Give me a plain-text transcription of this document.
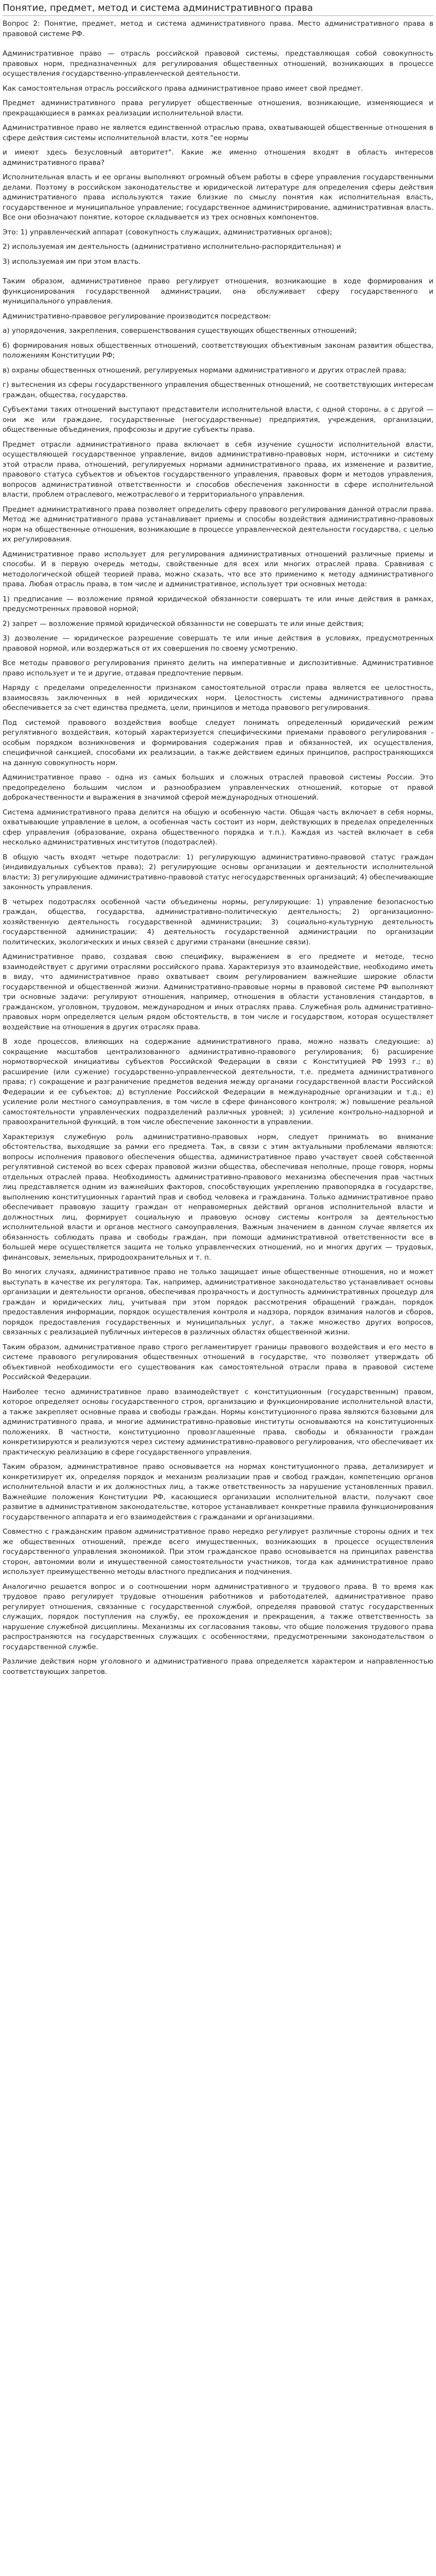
Понятие, предмет, метод и система административного права

Вопрос 2: Понятие, предмет, метод и система административного права. Место административного права в правовой системе РФ.

Административное право — отрасль российской правовой системы, представляющая собой совокупность правовых норм, предназначенных для регулирования общественных отношений, возникающих в процессе осуществления государственно-управленческой деятельности.

Как самостоятельная отрасль российского права административное право имеет свой предмет.

Предмет административного права регулирует общественные отношения, возникающие, изменяющиеся и прекращающиеся в рамках реализации исполнительной власти.

Административное право не является единственной отраслью права, охватывающей общественные отношения в сфере действия системы исполнительной власти, хотя "ее нормы

и имеют здесь безусловный авторитет". Какие же именно отношения входят в область интересов административного права?

Исполнительная власть и ее органы выполняют огромный объем работы в сфере управления государственными делами. Поэтому в российском законодательстве и юридической литературе для определения сферы действия административного права используются такие близкие по смыслу понятия как исполнительная власть, государственное и муниципальное управление; государственное администрирование, административная власть. Все они обозначают понятие, которое складывается из трех основных компонентов.

Это: 1) управленческий аппарат (совокупность служащих, административных органов);

2) используемая им деятельность (административно исполнительно-распорядительная) и

3) используемая им при этом власть.

Таким образом, административное право регулирует отношения, возникающие в ходе формирования и функционирования государственной администрации, она обслуживает сферу государственного и муниципального управления.

Административно-правовое регулирование производится посредством:

а) упорядочения, закрепления, совершенствования существующих общественных отношений;

б) формирования новых общественных отношений, соответствующих объективным законам развития общества, положениям Конституции РФ;

в) охраны общественных отношений, регулируемых нормами административного и других отраслей права;

г) вытеснения из сферы государственного управления общественных отношений, не соответствующих интересам граждан, общества, государства.

Субъектами таких отношений выступают представители исполнительной власти, с одной стороны, а с другой — они же или граждане, государственные (негосударственные) предприятия, учреждения, организации, общественные объединения, профсоюзы и другие субъекты права.

Предмет отрасли административного права включает в себя изучение сущности исполнительной власти, осуществляющей государственное управление, видов административно-правовых норм, источники и систему этой отрасли права, отношений, регулируемых нормами административного права, их изменение и развитие, правового статуса субъектов и объектов государственного управления, правовых форм и методов управления, вопросов административной ответственности и способов обеспечения законности в сфере исполнительной власти, проблем отраслевого, межотраслевого и территориального управления.

Предмет административного права позволяет определить сферу правового регулирования данной отрасли права. Метод же административного права устанавливает приемы и способы воздействия административно-правовых норм на общественные отношения, возникающие в процессе управленческой деятельности государства, с целью их регулирования.

Административное право использует для регулирования административных отношений различные приемы и способы. И в первую очередь методы, свойственные для всех или многих отраслей права. Сравнивая с методологической общей теорией права, можно сказать, что все это применимо к методу административного права. Любая отрасль права, в том числе и административное, использует три основных метода:

1) предписание — возложение прямой юридической обязанности совершать те или иные действия в рамках, предусмотренных правовой нормой;

2) запрет — возложение прямой юридической обязанности не совершать те или иные действия;

3) дозволение — юридическое разрешение совершать те или иные действия в условиях, предусмотренных правовой нормой, или воздержаться от их совершения по своему усмотрению.

Все методы правового регулирования принято делить на императивные и диспозитивные. Административное право использует и те и другие, отдавая предпочтение первым.

Наряду с пределами определенности признаком самостоятельной отрасли права является ее целостность, взаимосвязь заключенных в ней юридических норм. Целостность системы административного права обеспечивается за счет единства предмета, цели, принципов и метода правового регулирования.

Под системой правового воздействия вообще следует понимать определенный юридический режим регулятивного воздействия, который характеризуется специфическими приемами правового регулирования - особым порядком возникновения и формирования содержания прав и обязанностей, их осуществления, специфичной санкцией, способами их реализации, а также действием единых принципов, распространяющихся на данную совокупность норм.

Административное право - одна из самых больших и сложных отраслей правовой системы России. Это предопределено большим числом и разнообразием управленческих отношений, которые от правой доброкачественности и выражения в значимой сферой международных отношений.

Система административного права делится на общую и особенную части. Общая часть включает в себя нормы, охватывающие управление в целом, а особенная часть состоит из норм, действующих в пределах определенных сфер управления (образование, охрана общественного порядка и т.п.). Каждая из частей включает в себя несколько административных институтов (подотраслей).

В общую часть входят четыре подотрасли: 1) регулирующую административно-правовой статус граждан (индивидуальных субъектов права); 2) регулирующие основы организации и деятельности исполнительной власти; 3) регулирующие административно-правовой статус негосударственных организаций; 4) обеспечивающие законность управления.

В четырех подотраслях особенной части объединены нормы, регулирующие: 1) управление безопасностью граждан, общества, государства, административно-политическую деятельность; 2) организационно-хозяйственную деятельность государственной администрации; 3) социально-культурную деятельность государственной администрации; 4) деятельность государственной администрации по организации политических, экологических и иных связей с другими странами (внешние связи).

Административное право, создавая свою специфику, выражением в его предмете и методе, тесно взаимодействует с другими отраслями российского права. Характеризуя это взаимодействие, необходимо иметь в виду, что административное право охватывает своим регулированием важнейшие широкие области государственной и общественной жизни. Административно-правовые нормы в правовой системе РФ выполняют три основные задачи: регулируют отношения, например, отношения в области установления стандартов, в гражданском, уголовном, трудовом, международном и иных отраслях права. Служебная роль административно-правовых норм определяется целым рядом обстоятельств, в том числе и государством, которая осуществляет воздействие на отношения в других отраслях права.

В ходе процессов, влияющих на содержание административного права, можно назвать следующие: а) сокращение масштабов централизованного административно-правового регулирования; б) расширение нормотворческой инициативы субъектов Российской Федерации в связи с Конституцией РФ 1993 г.; в) расширение (или сужение) государственно-управленческой деятельности, т.е. предмета административного права; г) сокращение и разграничение предметов ведения между органами государственной власти Российской Федерации и ее субъектов; д) вступление Российской Федерации в международные организации и т.д.; е) усиление роли местного самоуправления, в том числе в сфере финансового контроля; ж) повышение реальной самостоятельности управленческих подразделений различных уровней; з) усиление контрольно-надзорной и правоохранительной функций, в том числе обеспечение законности в управлении.

Характеризуя служебную роль административно-правовых норм, следует принимать во внимание обстоятельства, выходящие за рамки его предмета. Так, в связи с этим актуальными проблемами являются: вопросы исполнения правового обеспечения общества, административное право участвует своей собственной регулятивной системой во всех сферах правовой жизни общества, обеспечивая неполные, проще говоря, нормы отдельных отраслей права. Необходимость административно-правового механизма обеспечения прав частных лиц представляется одним из важнейших факторов, способствующих укреплению правопорядка в государстве, выполнению конституционных гарантий прав и свобод человека и гражданина. Только административное право обеспечивает правовую защиту граждан от неправомерных действий органов исполнительной власти и должностных лиц, формирует социальную и правовую основу системы контроля за деятельностью исполнительной власти и органов местного самоуправления. Важным значением в данном случае является их обязанность соблюдать права и свободы граждан, при помощи административной ответственности все в большей мере осуществляется защита не только управленческих отношений, но и многих других — трудовых, финансовых, земельных, природоохранительных и т. п.

Во многих случаях, административное право не только защищает иные общественные отношения, но и может выступать в качестве их регулятора. Так, например, административное законодательство устанавливает основы организации и деятельности органов, обеспечивая прозрачность и доступность административных процедур для граждан и юридических лиц, учитывая при этом порядок рассмотрения обращений граждан, порядок предоставления информации, порядок осуществления контроля и надзора, порядок взимания налогов и сборов, порядок предоставления государственных и муниципальных услуг, а также множество других вопросов, связанных с реализацией публичных интересов в различных областях общественной жизни.

Таким образом, административное право строго регламентирует границы правового воздействия и его место в системе правового регулирования общественных отношений в государстве, что позволяет утверждать об объективной необходимости его существования как самостоятельной отрасли права в правовой системе Российской Федерации.

Наиболее тесно административное право взаимодействует с конституционным (государственным) правом, которое определяет основы государственного строя, организацию и функционирование исполнительной власти, а также закрепляет основные права и свободы граждан. Нормы конституционного права являются базовыми для административного права, и многие административно-правовые институты основываются на конституционных положениях. В частности, конституционно провозглашенные права, свободы и обязанности граждан конкретизируются и реализуются через систему административно-правового регулирования, что обеспечивает их практическую реализацию в сфере государственного управления.

Таким образом, административное право основывается на нормах конституционного права, детализирует и конкретизирует их, определяя порядок и механизм реализации прав и свобод граждан, компетенцию органов исполнительной власти и их должностных лиц, а также ответственность за нарушение установленных правил. Важнейшие положения Конституции РФ, касающиеся организации исполнительной власти, получают свое развитие в административном законодательстве, которое устанавливает конкретные правила функционирования государственного аппарата и его взаимодействия с гражданами и организациями.

Совместно с гражданским правом административное право нередко регулирует различные стороны одних и тех же общественных отношений, прежде всего имущественных, возникающих в процессе осуществления государственного управления экономикой. При этом гражданское право основывается на принципах равенства сторон, автономии воли и имущественной самостоятельности участников, тогда как административное право использует преимущественно методы властного предписания и подчинения.

Аналогично решается вопрос и о соотношении норм административного и трудового права. В то время как трудовое право регулирует трудовые отношения работников и работодателей, административное право регулирует отношения, связанные с государственной службой, определяя правовой статус государственных служащих, порядок поступления на службу, ее прохождения и прекращения, а также ответственность за нарушение служебной дисциплины. Механизмы их согласования таковы, что общие положения трудового права распространяются на государственных служащих с особенностями, предусмотренными законодательством о государственной службе.

Различие действия норм уголовного и административного права определяется характером и направленностью соответствующих запретов.
